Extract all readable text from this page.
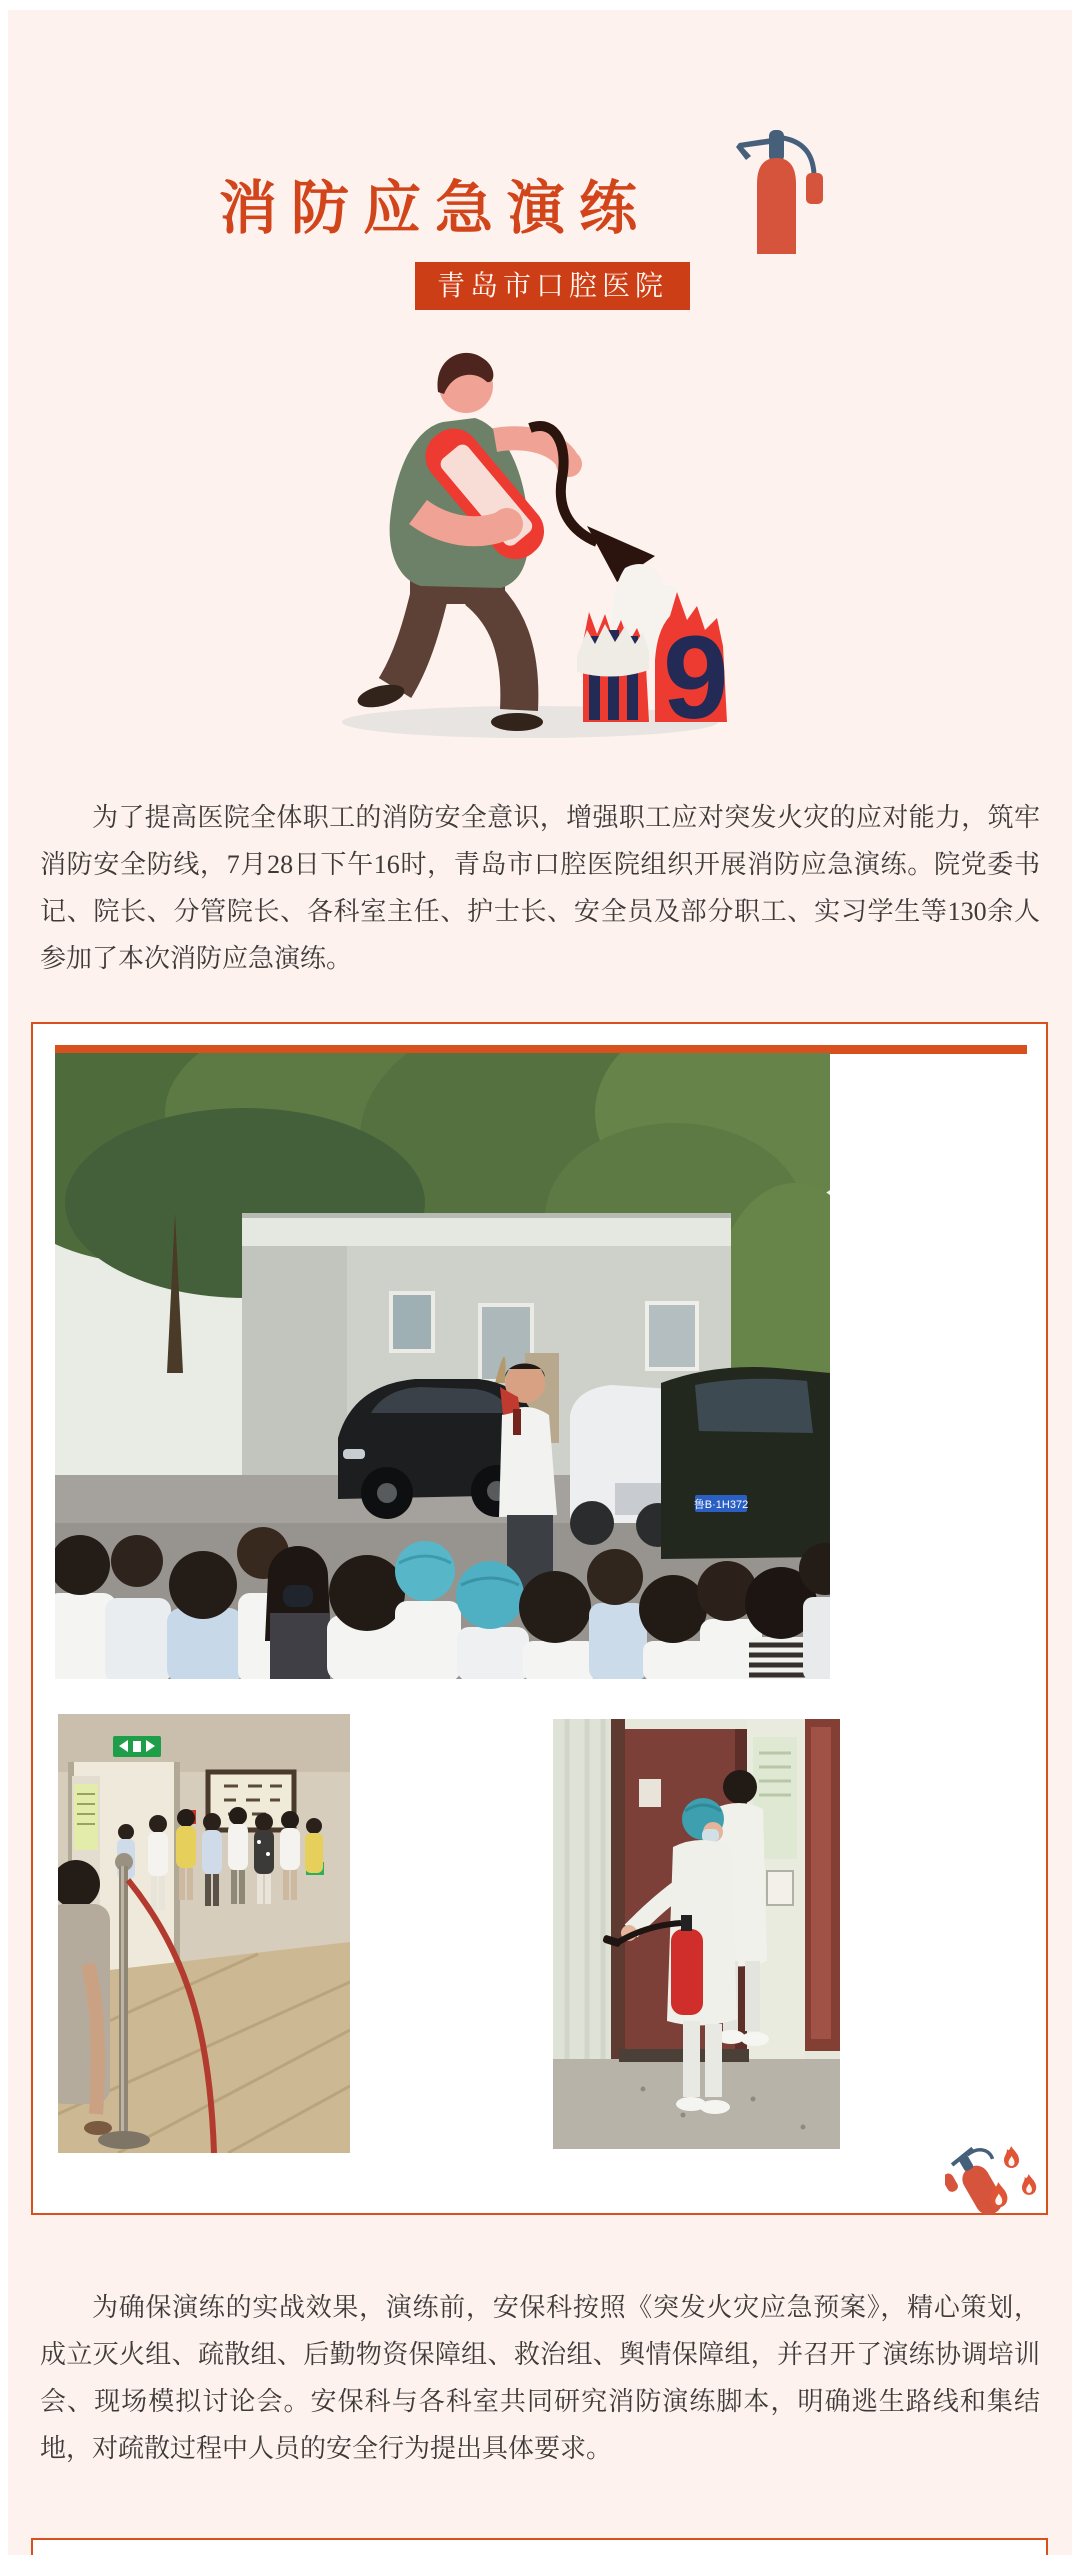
消防应急演练
青岛市口腔医院
9
为了提高医院全体职工的消防安全意识，增强职工应对突发火灾的应对能力，筑牢消防安全防线，7月28日下午16时，青岛市口腔医院组织开展消防应急演练。院党委书记、院长、分管院长、各科室主任、护士长、安全员及部分职工、实习学生等130余人参加了本次消防应急演练。
鲁B·1H372
为确保演练的实战效果，演练前，安保科按照《突发火灾应急预案》，精心策划，成立灭火组、疏散组、后勤物资保障组、救治组、舆情保障组，并召开了演练协调培训会、现场模拟讨论会。安保科与各科室共同研究消防演练脚本，明确逃生路线和集结地，对疏散过程中人员的安全行为提出具体要求。
